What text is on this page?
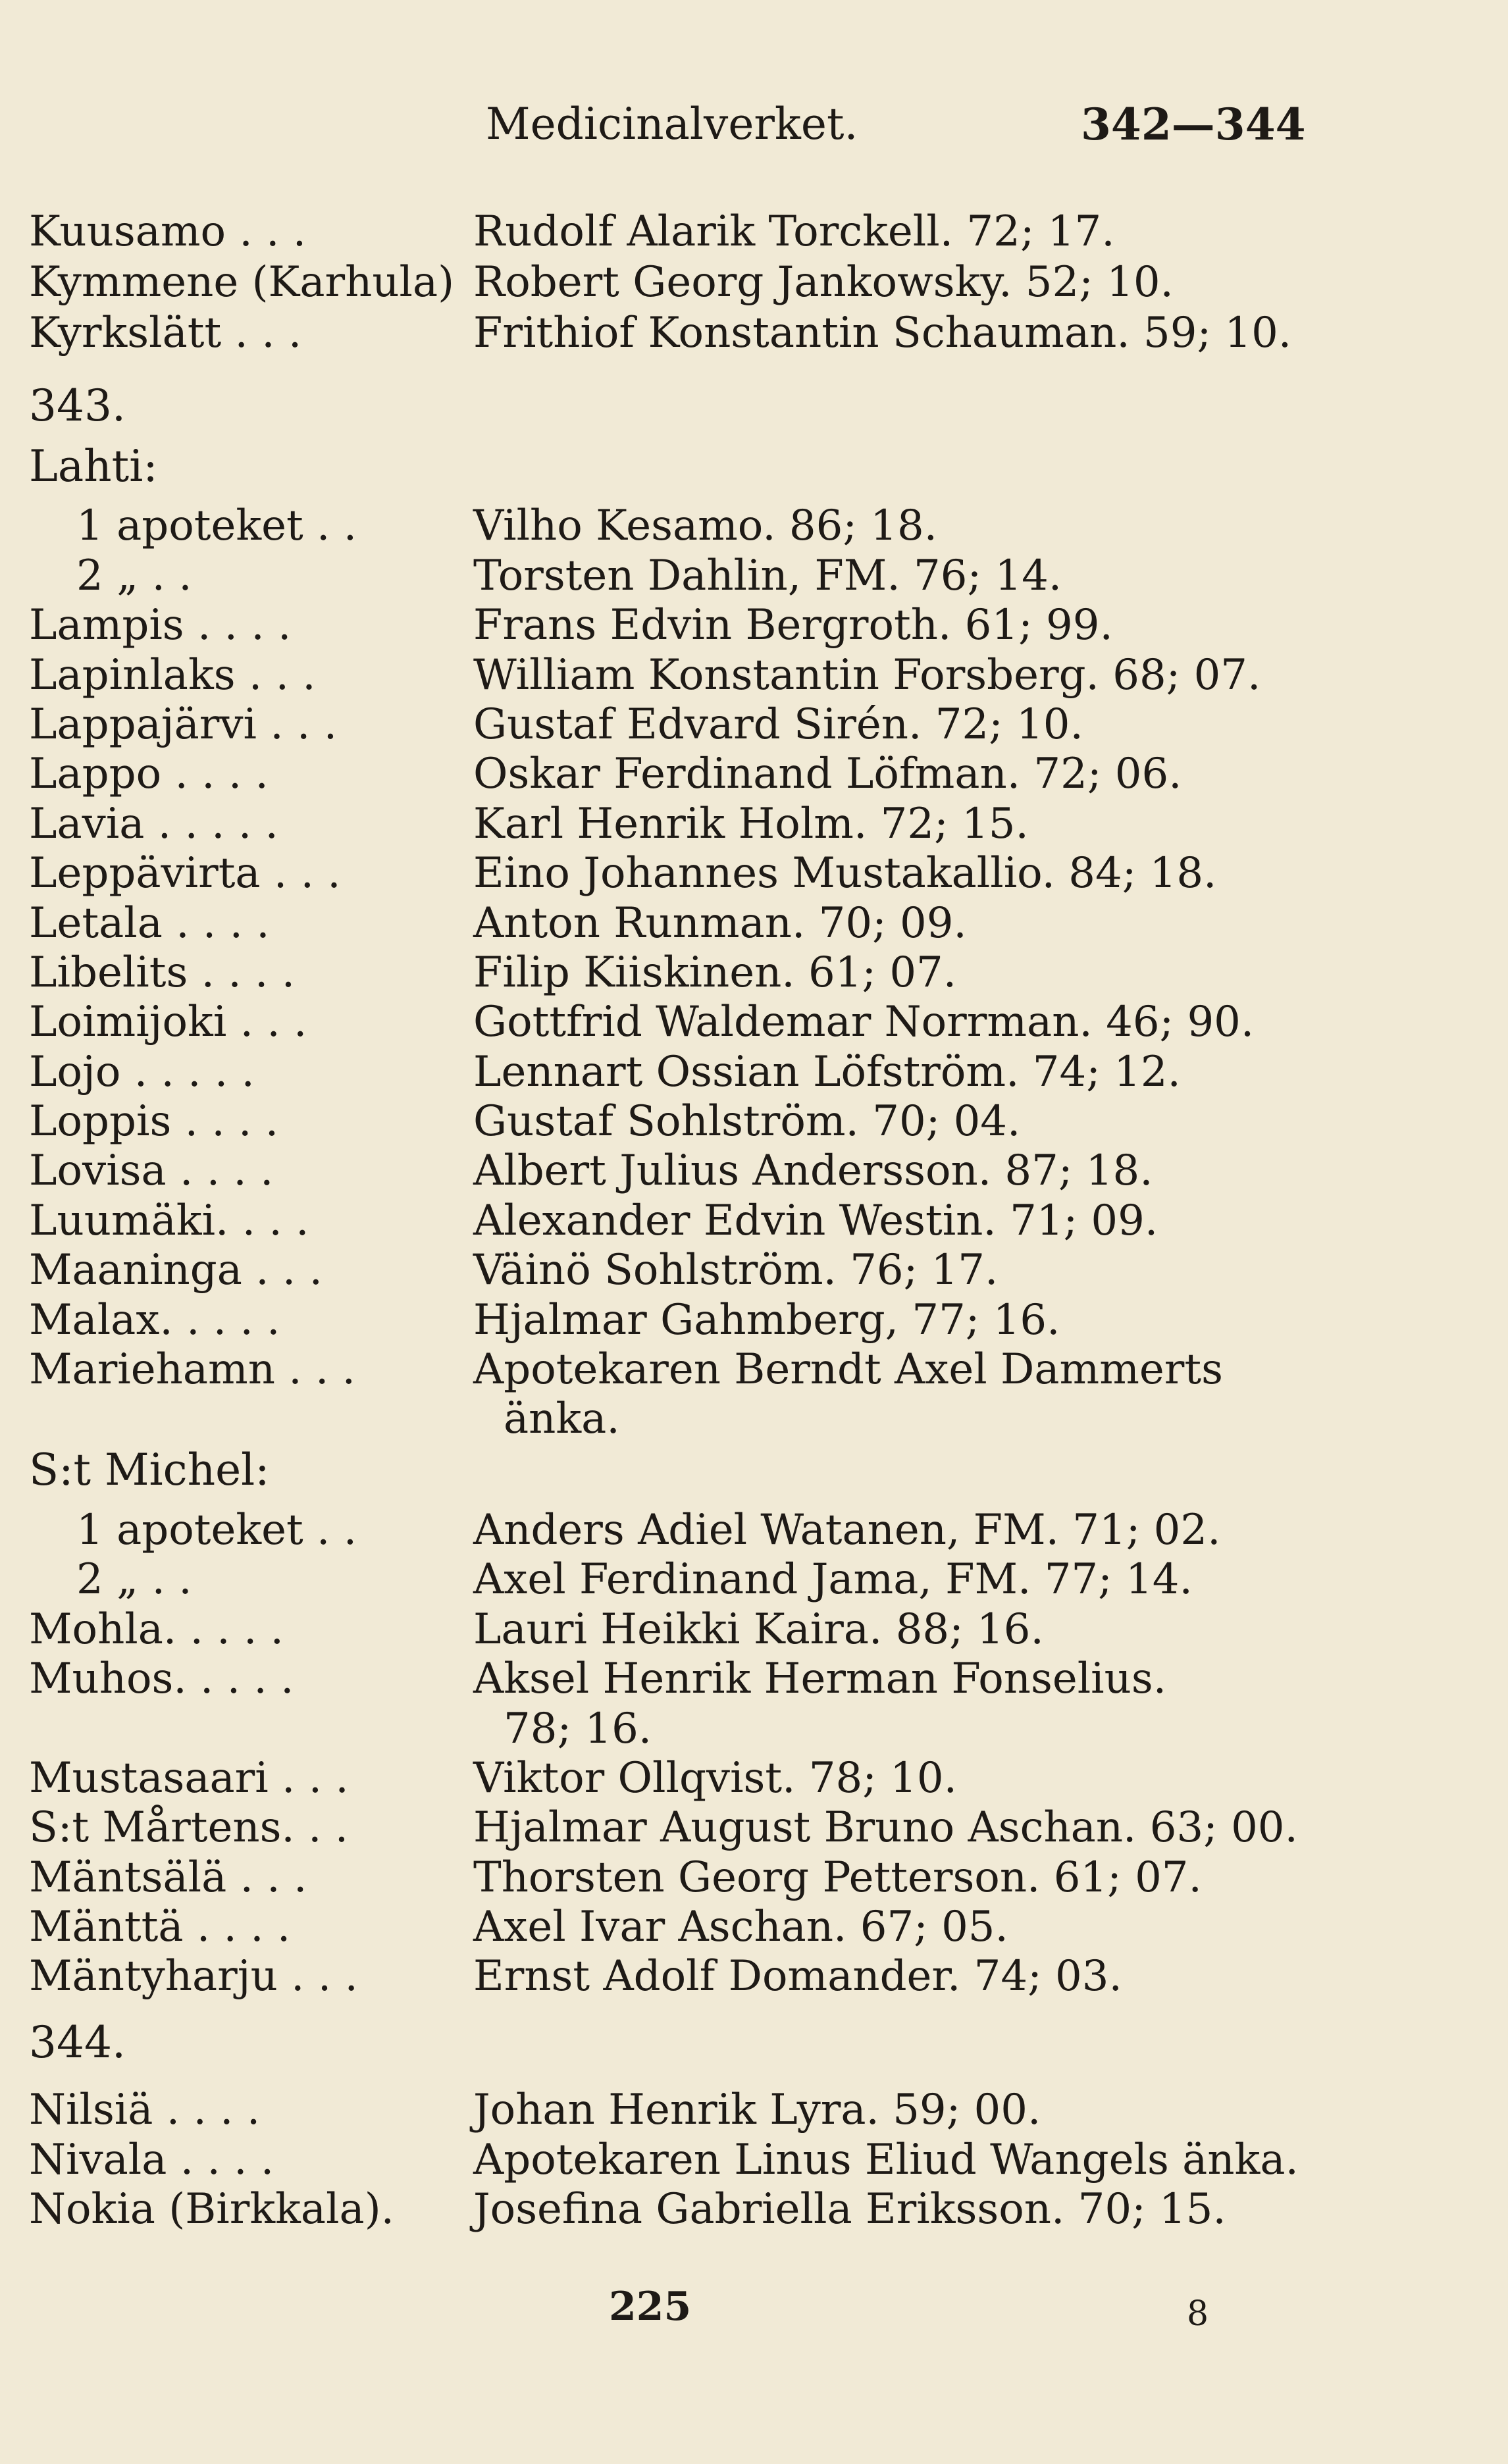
Medicinalverket.	342—344
Kuusamo . . .	Rudolf Alarik Torckell. 72; 17.
Kymmene (Karhula) Robert Georg Jankowsky. 52; 10.
Kyrkslätt . . .	Frithiof Konstantin Schauman. 59; 10.
343.
Lahti:
1 apoteket . .	Vilho Kesamo. 86; 18.
2 „ . .	Torsten Dahlin, FM. 76; 14.
Lampis . . . .	Frans Edvin Bergroth. 61; 99.
Lapinlaks . . .	William Konstantin Forsberg. 68; 07.
Lappajärvi . . .	Gustaf Edvard Sirén. 72; 10.
Lappo . . . .	Oskar Ferdinand Löfman. 72; 06.
Lavia . . . . .	Karl Henrik Holm. 72; 15.
Leppävirta . . .	Eino Johannes Mustakallio. 84; 18.
Letala . . . .	Anton Runman. 70; 09.
Libelits . . . .	Filip Kiiskinen. 61; 07.
Loimijoki . . .	Gottfrid Waldemar Norrman. 46; 90.
Lojo . . . . .	Lennart Ossian Löfström. 74; 12.
Loppis . . . .	Gustaf Sohlström. 70; 04.
Lovisa . . . .	Albert Julius Andersson. 87; 18.
Luumäki. . . .	Alexander Edvin Westin. 71; 09.
Maaninga . . .	Väinö Sohlström. 76; 17.
Malax. . . . .	Hjalmar Gahmberg, 77; 16.
Mariehamn . . .	Apotekaren Berndt Axel Dammerts
änka.
S:t Michel:
1 apoteket . .	Anders Adiel Watanen, FM. 71; 02.
2 „ . .	Axel Ferdinand Jama, FM. 77; 14.
Mohla. . . . .	Lauri Heikki Kaira. 88; 16.
Muhos. . . . .	Aksel Henrik Herman Fonselius.
78; 16.
Mustasaari . . .	Viktor Ollqvist. 78; 10.
S:t Mårtens. . .	Hjalmar August Bruno Aschan. 63; 00.
Mäntsälä . . .	Thorsten Georg Petterson. 61; 07.
Mänttä . . . .	Axel Ivar Aschan. 67; 05.
Mäntyharju . . .	Ernst Adolf Domander. 74; 03.
344.
Nilsiä . . . .	Johan Henrik Lyra. 59; 00.
Nivala . . . .	Apotekaren Linus Eliud Wangels änka.
Nokia (Birkkala). Josefina Gabriella Eriksson. 70; 15.
225	8
